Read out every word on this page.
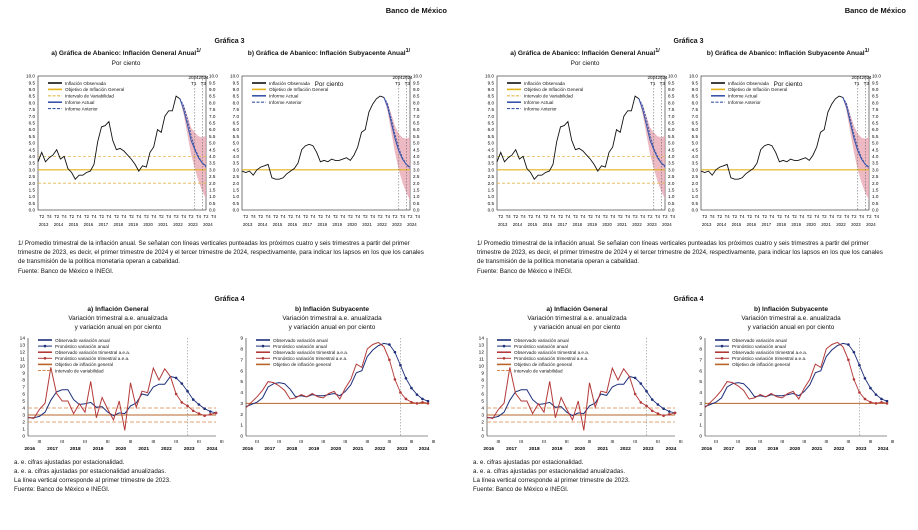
Banco de México
Gráfica 3
a) Gráfica de Abanico: Inflación General Anual$^{1/}$
Por ciento
b) Gráfica de Abanico: Inflación Subyacente Anual$^{1/}$
Por ciento
0.0	0.0
0.5	0.5
1.0	1.0
1.5	1.5
2.0	2.0
2.5	2.5
3.0	3.0
3.5	3.5
4.0	4.0
4.5	4.5
5.0	5.0
5.5	5.5
6.0	6.0
6.5	6.5
7.0	7.0
7.5	7.5
8.0	8.0
8.5	8.5
9.0	9.0
9.5	9.5
10.0	10.0
20242024
T1 T3
T2 T4 T2 T4 T2 T4 T2 T4 T2 T4 T2 T4 T2 T4 T2 T4 T2 T4 T2 T4 T2 T4 T2 T4
2013 2014 2015 2016 2017 2018 2019 2020 2021 2022 2023 2024
Inflación Observada
Objetivo de Inflación General
Intervalo de Variabilidad
Informe Actual
Informe Anterior
0.0	0.0
0.5	0.5
1.0	1.0
1.5	1.5
2.0	2.0
2.5	2.5
3.0	3.0
3.5	3.5
4.0	4.0
4.5	4.5
5.0	5.0
5.5	5.5
6.0	6.0
6.5	6.5
7.0	7.0
7.5	7.5
8.0	8.0
8.5	8.5
9.0	9.0
9.5	9.5
10.0	10.0
20242024
T1 T3
T2 T4 T2 T4 T2 T4 T2 T4 T2 T4 T2 T4 T2 T4 T2 T4 T2 T4 T2 T4 T2 T4 T2 T4
2013 2014 2015 2016 2017 2018 2019 2020 2021 2022 2023 2024
Inflación Observada
Objetivo de Inflación General
Informe Actual
Informe Anterior
1/ Promedio trimestral de la inflación anual. Se señalan con líneas verticales punteadas los próximos cuatro y seis trimestres a partir del primer trimestre de 2023, es decir, el primer trimestre de 2024 y el tercer trimestre de 2024, respectivamente, para indicar los lapsos en los que los canales de transmisión de la política monetaria operan a cabalidad.
Fuente: Banco de México e INEGI.
Gráfica 4
a) Inflación General
Variación trimestral a.e. anualizada
y variación anual en por ciento
b) Inflación Subyacente
Variación trimestral a.e. anualizada
y variación anual en por ciento
0
1
2
3
4
5
6
7
8
9
10
11
12
13
14
III
2016
III
2017
III
2018
III
2019
III
2020
III
2021
III
2022
III
2023
III
2024
Observado variación anual
Pronóstico variación anual
Observado variación trimestral a.e.a.
Pronóstico variación trimestral a.e.a.
Objetivo de inflación general
Intervalo de variabilidad
0
1
2
3
4
5
6
7
8
9
III
2016
III
2017
III
2018
III
2019
III
2020
III
2021
III
2022
III
2023
III
2024
Observado variación anual
Pronóstico variación anual
Observado variación trimestral a.e.a.
Pronóstico variación trimestral a.e.a.
Objetivo de inflación general
a. e. cifras ajustadas por estacionalidad.
a. e. a. cifras ajustadas por estacionalidad anualizadas.
La línea vertical corresponde al primer trimestre de 2023.
Fuente: Banco de México e INEGI.
Banco de México
Gráfica 3
a) Gráfica de Abanico: Inflación General Anual$^{1/}$
Por ciento
b) Gráfica de Abanico: Inflación Subyacente Anual$^{1/}$
Por ciento
0.0	0.0
0.5	0.5
1.0	1.0
1.5	1.5
2.0	2.0
2.5	2.5
3.0	3.0
3.5	3.5
4.0	4.0
4.5	4.5
5.0	5.0
5.5	5.5
6.0	6.0
6.5	6.5
7.0	7.0
7.5	7.5
8.0	8.0
8.5	8.5
9.0	9.0
9.5	9.5
10.0	10.0
20242024
T1 T3
T2 T4 T2 T4 T2 T4 T2 T4 T2 T4 T2 T4 T2 T4 T2 T4 T2 T4 T2 T4 T2 T4 T2 T4
2013 2014 2015 2016 2017 2018 2019 2020 2021 2022 2023 2024
Inflación Observada
Objetivo de Inflación General
Intervalo de Variabilidad
Informe Actual
Informe Anterior
0.0	0.0
0.5	0.5
1.0	1.0
1.5	1.5
2.0	2.0
2.5	2.5
3.0	3.0
3.5	3.5
4.0	4.0
4.5	4.5
5.0	5.0
5.5	5.5
6.0	6.0
6.5	6.5
7.0	7.0
7.5	7.5
8.0	8.0
8.5	8.5
9.0	9.0
9.5	9.5
10.0	10.0
20242024
T1 T3
T2 T4 T2 T4 T2 T4 T2 T4 T2 T4 T2 T4 T2 T4 T2 T4 T2 T4 T2 T4 T2 T4 T2 T4
2013 2014 2015 2016 2017 2018 2019 2020 2021 2022 2023 2024
Inflación Observada
Objetivo de Inflación General
Informe Actual
Informe Anterior
1/ Promedio trimestral de la inflación anual. Se señalan con líneas verticales punteadas los próximos cuatro y seis trimestres a partir del primer trimestre de 2023, es decir, el primer trimestre de 2024 y el tercer trimestre de 2024, respectivamente, para indicar los lapsos en los que los canales de transmisión de la política monetaria operan a cabalidad.
Fuente: Banco de México e INEGI.
Gráfica 4
a) Inflación General
Variación trimestral a.e. anualizada
y variación anual en por ciento
b) Inflación Subyacente
Variación trimestral a.e. anualizada
y variación anual en por ciento
0
1
2
3
4
5
6
7
8
9
10
11
12
13
14
III
2016
III
2017
III
2018
III
2019
III
2020
III
2021
III
2022
III
2023
III
2024
Observado variación anual
Pronóstico variación anual
Observado variación trimestral a.e.a.
Pronóstico variación trimestral a.e.a.
Objetivo de inflación general
Intervalo de variabilidad
0
1
2
3
4
5
6
7
8
9
III
2016
III
2017
III
2018
III
2019
III
2020
III
2021
III
2022
III
2023
III
2024
Observado variación anual
Pronóstico variación anual
Observado variación trimestral a.e.a.
Pronóstico variación trimestral a.e.a.
Objetivo de inflación general
a. e. cifras ajustadas por estacionalidad.
a. e. a. cifras ajustadas por estacionalidad anualizadas.
La línea vertical corresponde al primer trimestre de 2023.
Fuente: Banco de México e INEGI.
